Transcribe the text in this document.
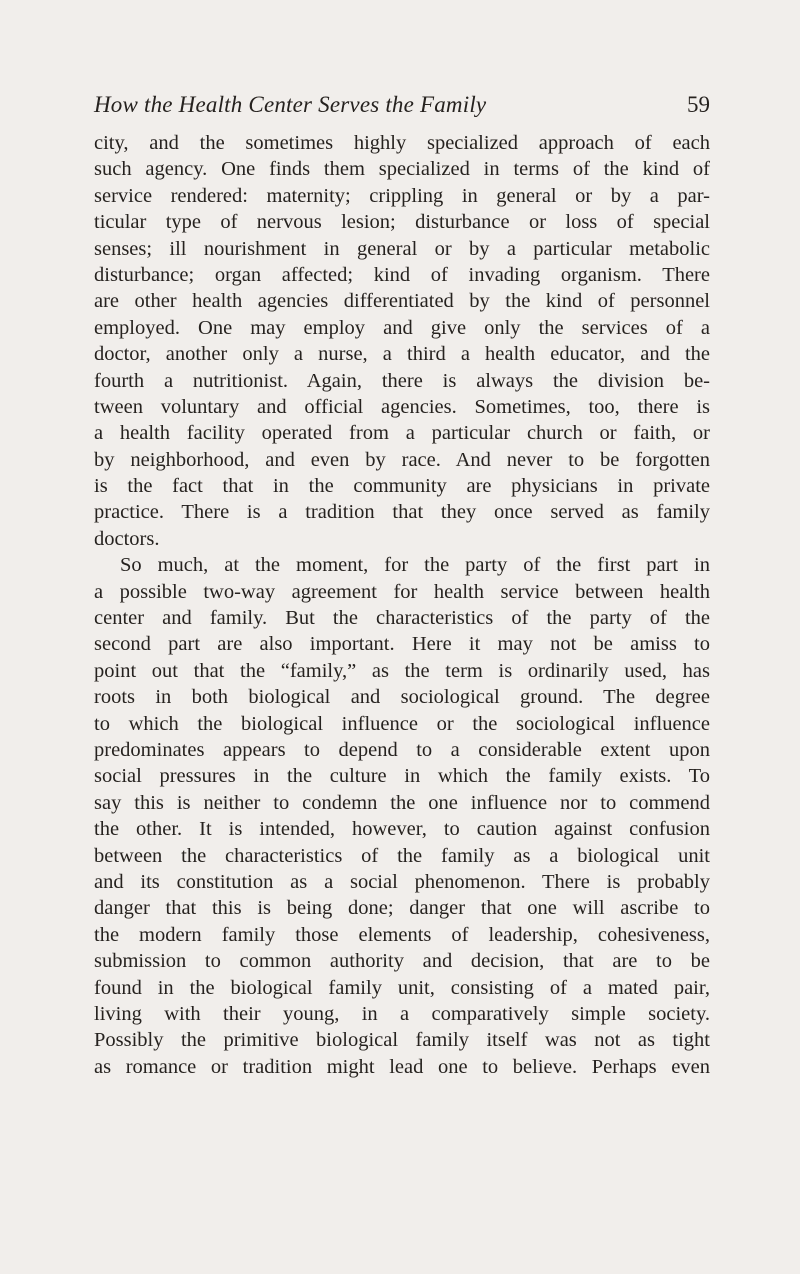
How the Health Center Serves the Family	59
city, and the sometimes highly specialized approach of each
such agency. One finds them specialized in terms of the kind of
service rendered: maternity; crippling in general or by a par-
ticular type of nervous lesion; disturbance or loss of special
senses; ill nourishment in general or by a particular metabolic
disturbance; organ affected; kind of invading organism. There
are other health agencies differentiated by the kind of personnel
employed. One may employ and give only the services of a
doctor, another only a nurse, a third a health educator, and the
fourth a nutritionist. Again, there is always the division be-
tween voluntary and official agencies. Sometimes, too, there is
a health facility operated from a particular church or faith, or
by neighborhood, and even by race. And never to be forgotten
is the fact that in the community are physicians in private
practice. There is a tradition that they once served as family
doctors.
So much, at the moment, for the party of the first part in
a possible two-way agreement for health service between health
center and family. But the characteristics of the party of the
second part are also important. Here it may not be amiss to
point out that the “family,” as the term is ordinarily used, has
roots in both biological and sociological ground. The degree
to which the biological influence or the sociological influence
predominates appears to depend to a considerable extent upon
social pressures in the culture in which the family exists. To
say this is neither to condemn the one influence nor to commend
the other. It is intended, however, to caution against confusion
between the characteristics of the family as a biological unit
and its constitution as a social phenomenon. There is probably
danger that this is being done; danger that one will ascribe to
the modern family those elements of leadership, cohesiveness,
submission to common authority and decision, that are to be
found in the biological family unit, consisting of a mated pair,
living with their young, in a comparatively simple society.
Possibly the primitive biological family itself was not as tight
as romance or tradition might lead one to believe. Perhaps even
